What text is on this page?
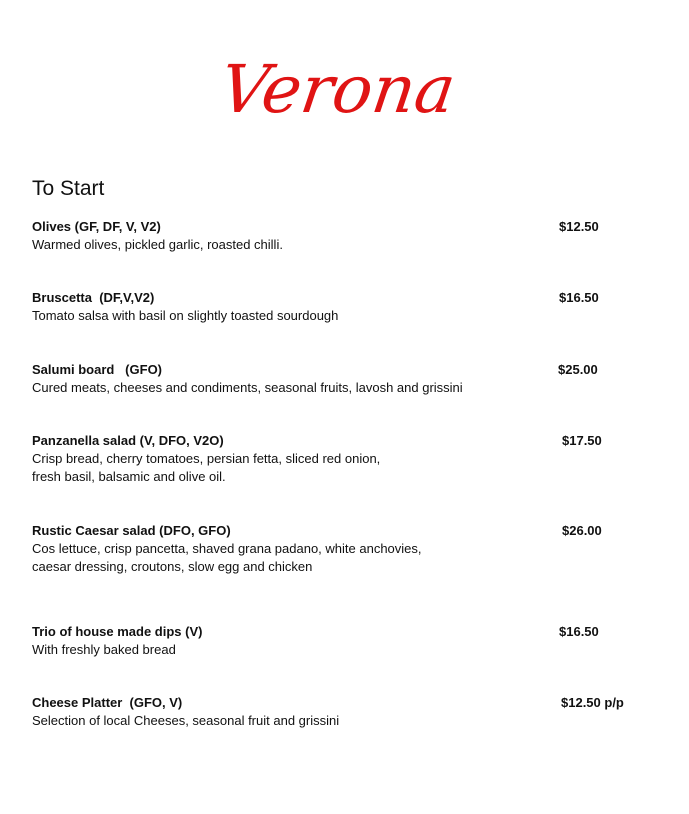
Verona
To Start
Olives (GF, DF, V, V2)
Warmed olives, pickled garlic, roasted chilli.
$12.50
Bruscetta  (DF,V,V2)
Tomato salsa with basil on slightly toasted sourdough
$16.50
Salumi board   (GFO)
Cured meats, cheeses and condiments, seasonal fruits, lavosh and grissini
$25.00
Panzanella salad (V, DFO, V2O)
Crisp bread, cherry tomatoes, persian fetta, sliced red onion,
fresh basil, balsamic and olive oil.
$17.50
Rustic Caesar salad (DFO, GFO)
Cos lettuce, crisp pancetta, shaved grana padano, white anchovies,
caesar dressing, croutons, slow egg and chicken
$26.00
Trio of house made dips (V)
With freshly baked bread
$16.50
Cheese Platter  (GFO, V)
Selection of local Cheeses, seasonal fruit and grissini
$12.50 p/p
